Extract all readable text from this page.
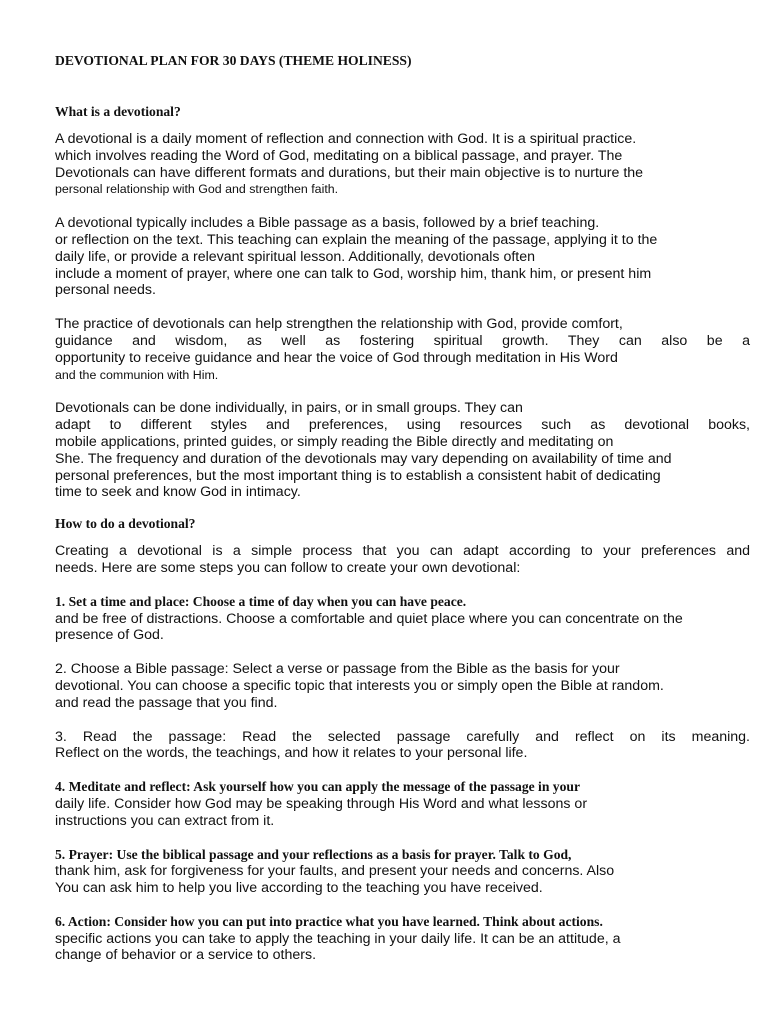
DEVOTIONAL PLAN FOR 30 DAYS (THEME HOLINESS)
What is a devotional?

A devotional is a daily moment of reflection and connection with God. It is a spiritual practice.
which involves reading the Word of God, meditating on a biblical passage, and prayer. The
Devotionals can have different formats and durations, but their main objective is to nurture the
personal relationship with God and strengthen faith.

A devotional typically includes a Bible passage as a basis, followed by a brief teaching.
or reflection on the text. This teaching can explain the meaning of the passage, applying it to the
daily life, or provide a relevant spiritual lesson. Additionally, devotionals often
include a moment of prayer, where one can talk to God, worship him, thank him, or present him
personal needs.

The practice of devotionals can help strengthen the relationship with God, provide comfort,
guidance and wisdom, as well as fostering spiritual growth. They can also be a
opportunity to receive guidance and hear the voice of God through meditation in His Word
and the communion with Him.

Devotionals can be done individually, in pairs, or in small groups. They can
adapt to different styles and preferences, using resources such as devotional books,
mobile applications, printed guides, or simply reading the Bible directly and meditating on
She. The frequency and duration of the devotionals may vary depending on availability of time and
personal preferences, but the most important thing is to establish a consistent habit of dedicating
time to seek and know God in intimacy.

How to do a devotional?

Creating a devotional is a simple process that you can adapt according to your preferences and
needs. Here are some steps you can follow to create your own devotional:

1. Set a time and place: Choose a time of day when you can have peace.
and be free of distractions. Choose a comfortable and quiet place where you can concentrate on the
presence of God.

2. Choose a Bible passage: Select a verse or passage from the Bible as the basis for your
devotional. You can choose a specific topic that interests you or simply open the Bible at random.
and read the passage that you find.

3. Read the passage: Read the selected passage carefully and reflect on its meaning.
Reflect on the words, the teachings, and how it relates to your personal life.

4. Meditate and reflect: Ask yourself how you can apply the message of the passage in your
daily life. Consider how God may be speaking through His Word and what lessons or
instructions you can extract from it.

5. Prayer: Use the biblical passage and your reflections as a basis for prayer. Talk to God,
thank him, ask for forgiveness for your faults, and present your needs and concerns. Also
You can ask him to help you live according to the teaching you have received.

6. Action: Consider how you can put into practice what you have learned. Think about actions.
specific actions you can take to apply the teaching in your daily life. It can be an attitude, a
change of behavior or a service to others.
